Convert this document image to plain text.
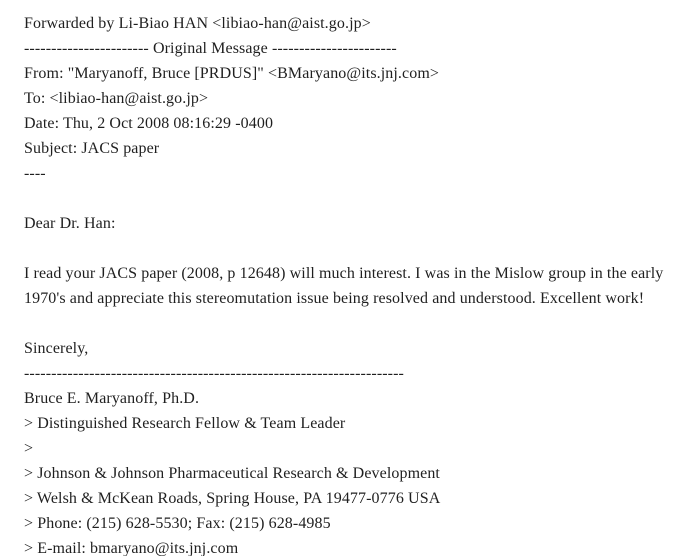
Forwarded by Li-Biao HAN <libiao-han@aist.go.jp>
----------------------- Original Message -----------------------
From: "Maryanoff, Bruce [PRDUS]" <BMaryano@its.jnj.com>
To: <libiao-han@aist.go.jp>
Date: Thu, 2 Oct 2008 08:16:29 -0400
Subject: JACS paper
----
Dear Dr. Han:
I read your JACS paper (2008, p 12648) will much interest. I was in the Mislow group in the early
1970's and appreciate this stereomutation issue being resolved and understood. Excellent work!
Sincerely,
----------------------------------------------------------------------
Bruce E. Maryanoff, Ph.D.
> Distinguished Research Fellow & Team Leader
>
> Johnson & Johnson Pharmaceutical Research & Development
> Welsh & McKean Roads, Spring House, PA 19477-0776 USA
> Phone: (215) 628-5530; Fax: (215) 628-4985
> E-mail: bmaryano@its.jnj.com
